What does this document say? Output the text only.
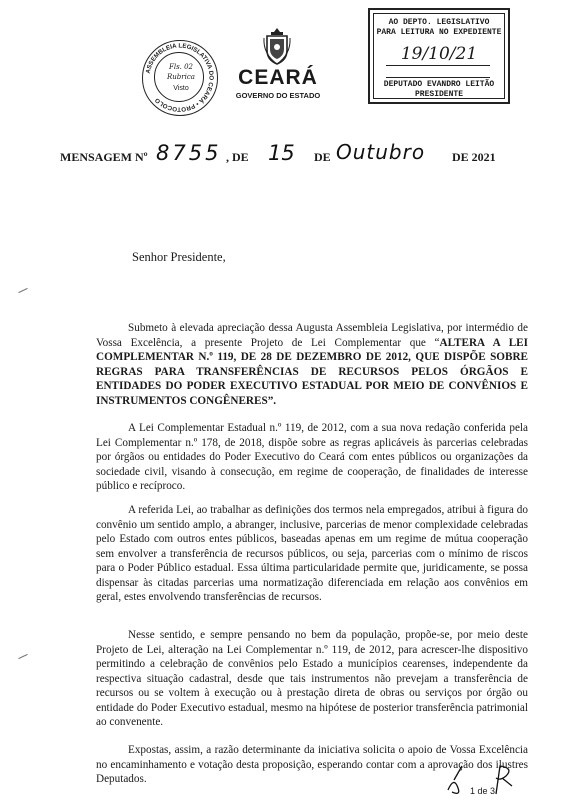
ASSEMBLEIA LEGISLATIVA DO CEARÁ • PROTOCOLO
Fls. 02
Rubrica
Visto	CEARÁ
GOVERNO DO ESTADO
AO DEPTO. LEGISLATIVO
PARA LEITURA NO EXPEDIENTE
19/10/21
DEPUTADO EVANDRO LEITÃO
PRESIDENTE
MENSAGEM Nº 8755 , DE 15 DE Outubro DE 2021
Senhor Presidente,

Submeto à elevada apreciação dessa Augusta Assembleia Legislativa, por intermédio de Vossa Excelência, a presente Projeto de Lei Complementar que “ALTERA A LEI COMPLEMENTAR N.º 119, DE 28 DE DEZEMBRO DE 2012, QUE DISPÕE SOBRE REGRAS PARA TRANSFERÊNCIAS DE RECURSOS PELOS ÓRGÃOS E ENTIDADES DO PODER EXECUTIVO ESTADUAL POR MEIO DE CONVÊNIOS E INSTRUMENTOS CONGÊNERES”.

A Lei Complementar Estadual n.º 119, de 2012, com a sua nova redação conferida pela Lei Complementar n.º 178, de 2018, dispõe sobre as regras aplicáveis às parcerias celebradas por órgãos ou entidades do Poder Executivo do Ceará com entes públicos ou organizações da sociedade civil, visando à consecução, em regime de cooperação, de finalidades de interesse público e recíproco.

A referida Lei, ao trabalhar as definições dos termos nela empregados, atribui à figura do convênio um sentido amplo, a abranger, inclusive, parcerias de menor complexidade celebradas pelo Estado com outros entes públicos, baseadas apenas em um regime de mútua cooperação sem envolver a transferência de recursos públicos, ou seja, parcerias com o mínimo de riscos para o Poder Público estadual. Essa última particularidade permite que, juridicamente, se possa dispensar às citadas parcerias uma normatização diferenciada em relação aos convênios em geral, estes envolvendo transferências de recursos.

Nesse sentido, e sempre pensando no bem da população, propõe-se, por meio deste Projeto de Lei, alteração na Lei Complementar n.º 119, de 2012, para acrescer-lhe dispositivo permitindo a celebração de convênios pelo Estado a municípios cearenses, independente da respectiva situação cadastral, desde que tais instrumentos não prevejam a transferência de recursos ou se voltem à execução ou à prestação direta de obras ou serviços por órgão ou entidade do Poder Executivo estadual, mesmo na hipótese de posterior transferência patrimonial ao convenente.

Expostas, assim, a razão determinante da iniciativa solicita o apoio de Vossa Excelência no encaminhamento e votação desta proposição, esperando contar com a aprovação dos ilustres Deputados.

1 de 3
